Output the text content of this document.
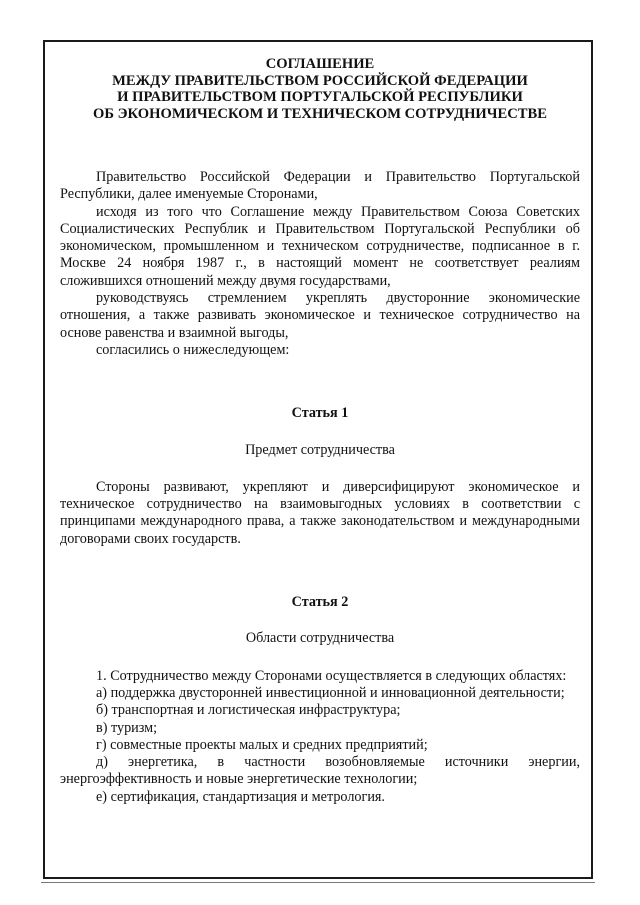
СОГЛАШЕНИЕ
МЕЖДУ ПРАВИТЕЛЬСТВОМ РОССИЙСКОЙ ФЕДЕРАЦИИ
И ПРАВИТЕЛЬСТВОМ ПОРТУГАЛЬСКОЙ РЕСПУБЛИКИ
ОБ ЭКОНОМИЧЕСКОМ И ТЕХНИЧЕСКОМ СОТРУДНИЧЕСТВЕ

Правительство Российской Федерации и Правительство Португальской Республики, далее именуемые Сторонами,

исходя из того что Соглашение между Правительством Союза Советских Социалистических Республик и Правительством Португальской Республики об экономическом, промышленном и техническом сотрудничестве, подписанное в г. Москве 24 ноября 1987 г., в настоящий момент не соответствует реалиям сложившихся отношений между двумя государствами,

руководствуясь стремлением укреплять двусторонние экономические отношения, а также развивать экономическое и техническое сотрудничество на основе равенства и взаимной выгоды,

согласились о нижеследующем:

Статья 1
Предмет сотрудничества

Стороны развивают, укрепляют и диверсифицируют экономическое и техническое сотрудничество на взаимовыгодных условиях в соответствии с принципами международного права, а также законодательством и международными договорами своих государств.

Статья 2
Области сотрудничества

1. Сотрудничество между Сторонами осуществляется в следующих областях:

а) поддержка двусторонней инвестиционной и инновационной деятельности;

б) транспортная и логистическая инфраструктура;

в) туризм;

г) совместные проекты малых и средних предприятий;

д) энергетика, в частности возобновляемые источники энергии, энергоэффективность и новые энергетические технологии;

е) сертификация, стандартизация и метрология.
